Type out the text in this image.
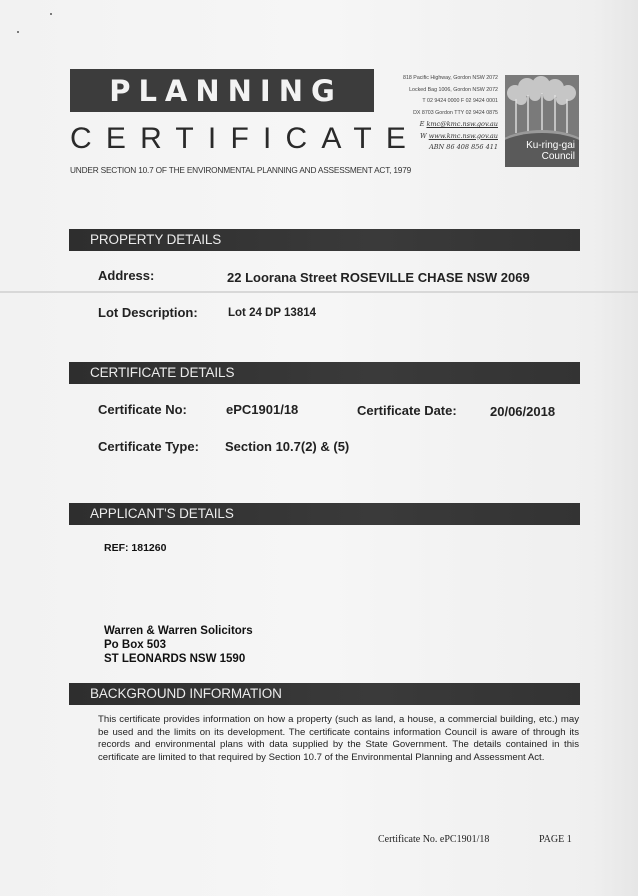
PLANNING
CERTIFICATE
UNDER SECTION 10.7 OF THE ENVIRONMENTAL PLANNING AND ASSESSMENT ACT, 1979
818 Pacific Highway, Gordon NSW 2072
Locked Bag 1006, Gordon NSW 2072
T 02 9424 0000 F 02 9424 0001
DX 8703 Gordon TTY 02 9424 0875
E kmc@kmc.nsw.gov.au
W www.kmc.nsw.gov.au
ABN 86 408 856 411	Ku-ring-gai
Council
PROPERTY DETAILS
Address:	22 Loorana Street ROSEVILLE CHASE NSW 2069
Lot Description:	Lot 24 DP 13814
CERTIFICATE DETAILS
Certificate No:	ePC1901/18	Certificate Date:	20/06/2018
Certificate Type: Section 10.7(2) & (5)
APPLICANT'S DETAILS
REF: 181260
Warren & Warren Solicitors
Po Box 503
ST LEONARDS NSW 1590
BACKGROUND INFORMATION
This certificate provides information on how a property (such as land, a house, a commercial building, etc.) may be used and the limits on its development. The certificate contains information Council is aware of through its records and environmental plans with data supplied by the State Government. The details contained in this certificate are limited to that required by Section 10.7 of the Environmental Planning and Assessment Act.
Certificate No. ePC1901/18	PAGE 1
